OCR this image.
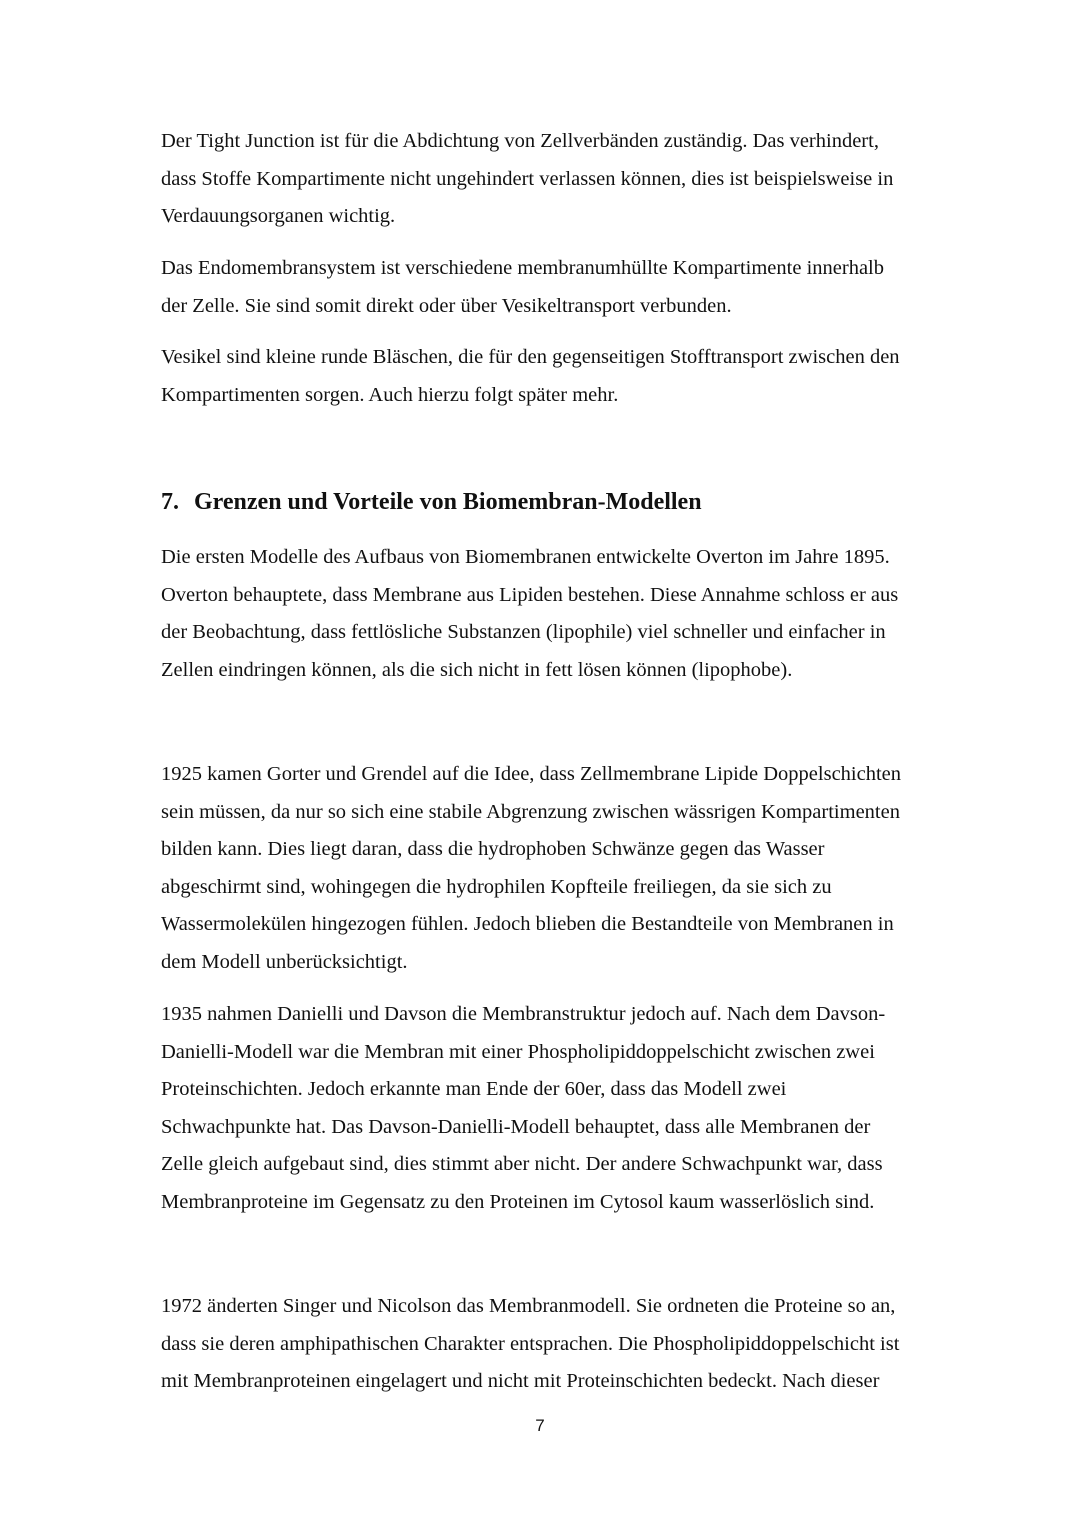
Der Tight Junction ist für die Abdichtung von Zellverbänden zuständig. Das verhindert,
dass Stoffe Kompartimente nicht ungehindert verlassen können, dies ist beispielsweise in
Verdauungsorganen wichtig.

Das Endomembransystem ist verschiedene membranumhüllte Kompartimente innerhalb
der Zelle. Sie sind somit direkt oder über Vesikeltransport verbunden.

Vesikel sind kleine runde Bläschen, die für den gegenseitigen Stofftransport zwischen den
Kompartimenten sorgen. Auch hierzu folgt später mehr.

7. Grenzen und Vorteile von Biomembran-Modellen

Die ersten Modelle des Aufbaus von Biomembranen entwickelte Overton im Jahre 1895.
Overton behauptete, dass Membrane aus Lipiden bestehen. Diese Annahme schloss er aus
der Beobachtung, dass fettlösliche Substanzen (lipophile) viel schneller und einfacher in
Zellen eindringen können, als die sich nicht in fett lösen können (lipophobe).

1925 kamen Gorter und Grendel auf die Idee, dass Zellmembrane Lipide Doppelschichten
sein müssen, da nur so sich eine stabile Abgrenzung zwischen wässrigen Kompartimenten
bilden kann. Dies liegt daran, dass die hydrophoben Schwänze gegen das Wasser
abgeschirmt sind, wohingegen die hydrophilen Kopfteile freiliegen, da sie sich zu
Wassermolekülen hingezogen fühlen. Jedoch blieben die Bestandteile von Membranen in
dem Modell unberücksichtigt.

1935 nahmen Danielli und Davson die Membranstruktur jedoch auf. Nach dem Davson-
Danielli-Modell war die Membran mit einer Phospholipiddoppelschicht zwischen zwei
Proteinschichten. Jedoch erkannte man Ende der 60er, dass das Modell zwei
Schwachpunkte hat. Das Davson-Danielli-Modell behauptet, dass alle Membranen der
Zelle gleich aufgebaut sind, dies stimmt aber nicht. Der andere Schwachpunkt war, dass
Membranproteine im Gegensatz zu den Proteinen im Cytosol kaum wasserlöslich sind.

1972 änderten Singer und Nicolson das Membranmodell. Sie ordneten die Proteine so an,
dass sie deren amphipathischen Charakter entsprachen. Die Phospholipiddoppelschicht ist
mit Membranproteinen eingelagert und nicht mit Proteinschichten bedeckt. Nach dieser

7
